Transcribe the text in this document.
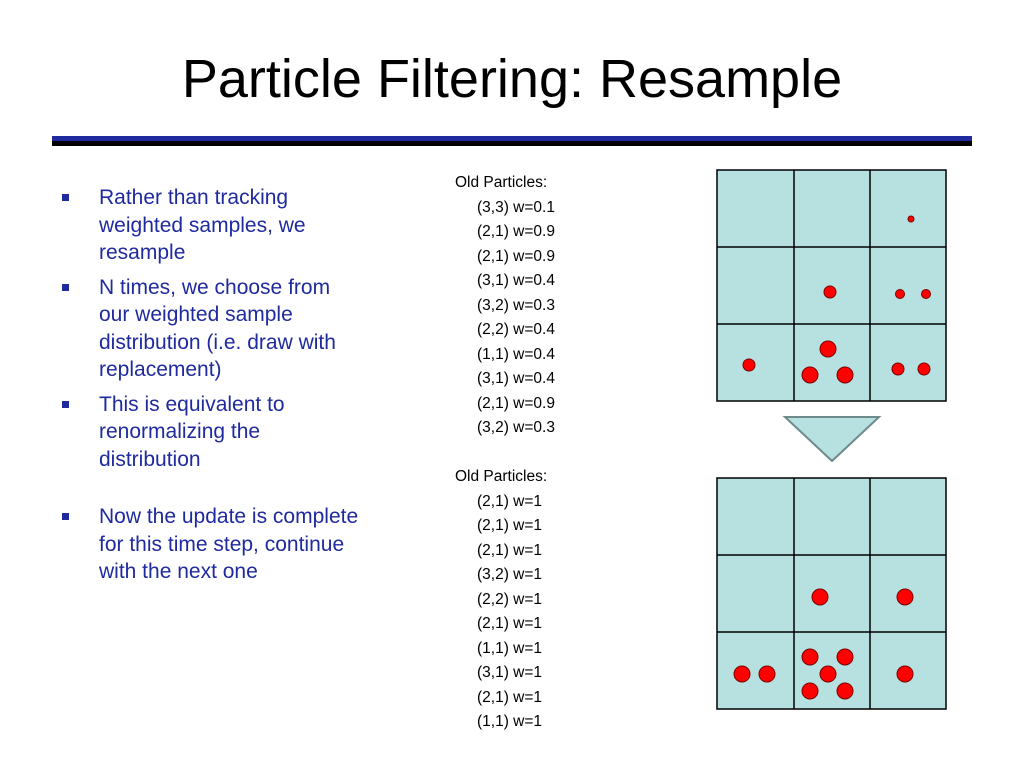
Particle Filtering: Resample
Rather than tracking weighted samples, we resample
N times, we choose from our weighted sample distribution (i.e. draw with replacement)
This is equivalent to renormalizing the distribution
Now the update is complete for this time step, continue with the next one
Old Particles:
(3,3) w=0.1
(2,1) w=0.9
(2,1) w=0.9
(3,1) w=0.4
(3,2) w=0.3
(2,2) w=0.4
(1,1) w=0.4
(3,1) w=0.4
(2,1) w=0.9
(3,2) w=0.3
Old Particles:
(2,1) w=1
(2,1) w=1
(2,1) w=1
(3,2) w=1
(2,2) w=1
(2,1) w=1
(1,1) w=1
(3,1) w=1
(2,1) w=1
(1,1) w=1
